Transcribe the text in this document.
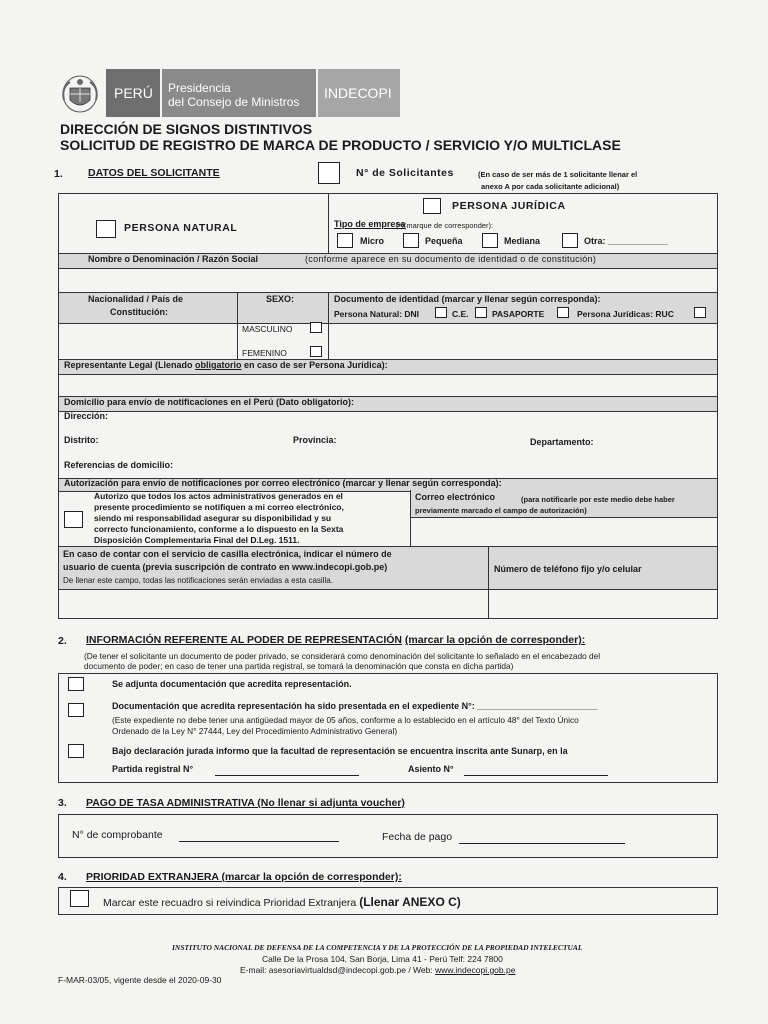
PERÚ Presidencia
del Consejo de Ministros
INDECOPI
DIRECCIÓN DE SIGNOS DISTINTIVOS
SOLICITUD DE REGISTRO DE MARCA DE PRODUCTO / SERVICIO Y/O MULTICLASE
1. DATOS DEL SOLICITANTE	N° de Solicitantes	(En caso de ser más de 1 solicitante llenar el
anexo A por cada solicitante adicional)
PERSONA NATURAL
PERSONA JURÍDICA
Tipo de empresa
(*)(marque de corresponder):
Micro	Pequeña	Mediana	Otra: ____________
Nombre o Denominación / Razón Social	(conforme aparece en su documento de identidad o de constitución)
Nacionalidad / País de
Constitución:
SEXO:	Documento de identidad (marcar y llenar según corresponda):
Persona Natural: DNI	C.E.	PASAPORTE	Persona Jurídicas: RUC
MASCULINO
FEMENINO
Representante Legal (Llenado obligatorio en caso de ser Persona Jurídica):
Domicilio para envío de notificaciones en el Perú (Dato obligatorio):
Dirección:
Distrito:	Provincia:	Departamento:
Referencias de domicilio:
Autorización para envío de notificaciones por correo electrónico (marcar y llenar según corresponda):
Autorizo que todos los actos administrativos generados en el
presente procedimiento se notifiquen a mi correo electrónico,
siendo mi responsabilidad asegurar su disponibilidad y su
correcto funcionamiento, conforme a lo dispuesto en la Sexta
Disposición Complementaria Final del D.Leg. 1511.
Correo electrónico	(para notificarle por este medio debe haber
previamente marcado el campo de autorización)
En caso de contar con el servicio de casilla electrónica, indicar el número de
usuario de cuenta (previa suscripción de contrato en www.indecopi.gob.pe)
De llenar este campo, todas las notificaciones serán enviadas a esta casilla.
Número de teléfono fijo y/o celular
2. INFORMACIÓN REFERENTE AL PODER DE REPRESENTACIÓN (marcar la opción de corresponder):
(De tener el solicitante un documento de poder privado, se considerará como denominación del solicitante lo señalado en el encabezado del
documento de poder; en caso de tener una partida registral, se tomará la denominación que consta en dicha partida)
Se adjunta documentación que acredita representación.
Documentación que acredita representación ha sido presentada en el expediente N°: ________________________
(Este expediente no debe tener una antigüedad mayor de 05 años, conforme a lo establecido en el artículo 48° del Texto Único
Ordenado de la Ley N° 27444, Ley del Procedimiento Administrativo General)
Bajo declaración jurada informo que la facultad de representación se encuentra inscrita ante Sunarp, en la
Partida registral N°	Asiento N°
3. PAGO DE TASA ADMINISTRATIVA (No llenar si adjunta voucher)
N° de comprobante	Fecha de pago
4. PRIORIDAD EXTRANJERA (marcar la opción de corresponder):
Marcar este recuadro si reivindica Prioridad Extranjera (Llenar ANEXO C)
INSTITUTO NACIONAL DE DEFENSA DE LA COMPETENCIA Y DE LA PROTECCIÓN DE LA PROPIEDAD INTELECTUAL
Calle De la Prosa 104, San Borja, Lima 41 - Perú Telf: 224 7800
E-mail: asesoriavirtualdsd@indecopi.gob.pe / Web: www.indecopi.gob.pe
F-MAR-03/05, vigente desde el 2020-09-30
